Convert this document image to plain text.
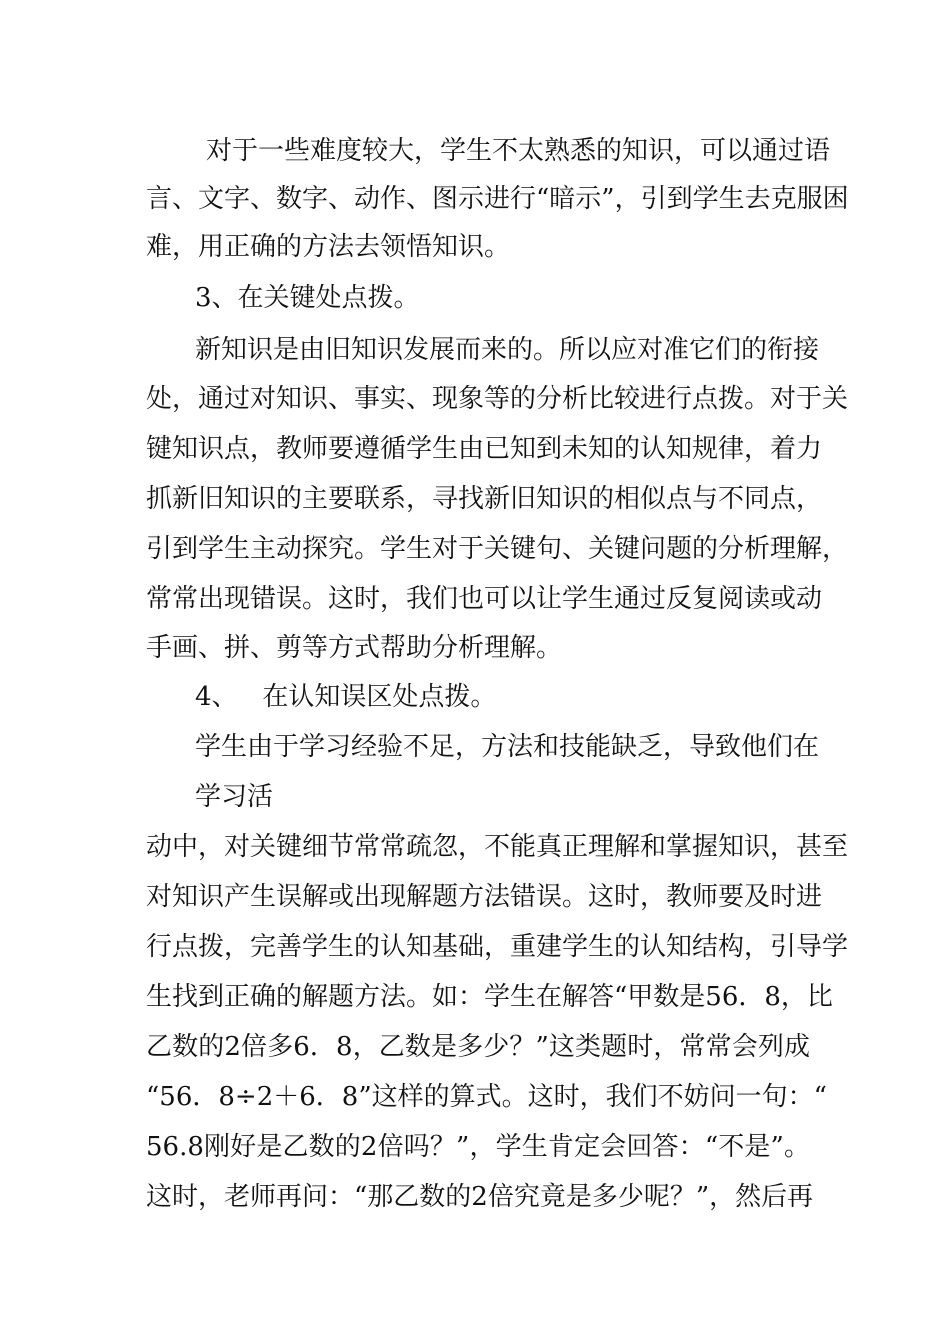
对于一些难度较大，学生不太熟悉的知识，可以通过语
言、文字、数字、动作、图示进行“暗示”，引到学生去克服困
难，用正确的方法去领悟知识。
3、在关键处点拨。
新知识是由旧知识发展而来的。所以应对准它们的衔接
处，通过对知识、事实、现象等的分析比较进行点拨。对于关
键知识点，教师要遵循学生由已知到未知的认知规律，着力
抓新旧知识的主要联系，寻找新旧知识的相似点与不同点，
引到学生主动探究。学生对于关键句、关键问题的分析理解，
常常出现错误。这时，我们也可以让学生通过反复阅读或动
手画、拼、剪等方式帮助分析理解。
4、   在认知误区处点拨。
学生由于学习经验不足，方法和技能缺乏，导致他们在
学习活
动中，对关键细节常常疏忽，不能真正理解和掌握知识，甚至
对知识产生误解或出现解题方法错误。这时，教师要及时进
行点拨，完善学生的认知基础，重建学生的认知结构，引导学
生找到正确的解题方法。如：学生在解答“甲数是56．8，比
乙数的2倍多6．8，乙数是多少？”这类题时，常常会列成
“56．8÷2＋6．8”这样的算式。这时，我们不妨问一句：“
56.8刚好是乙数的2倍吗？”，学生肯定会回答：“不是”。
这时，老师再问：“那乙数的2倍究竟是多少呢？”，然后再
